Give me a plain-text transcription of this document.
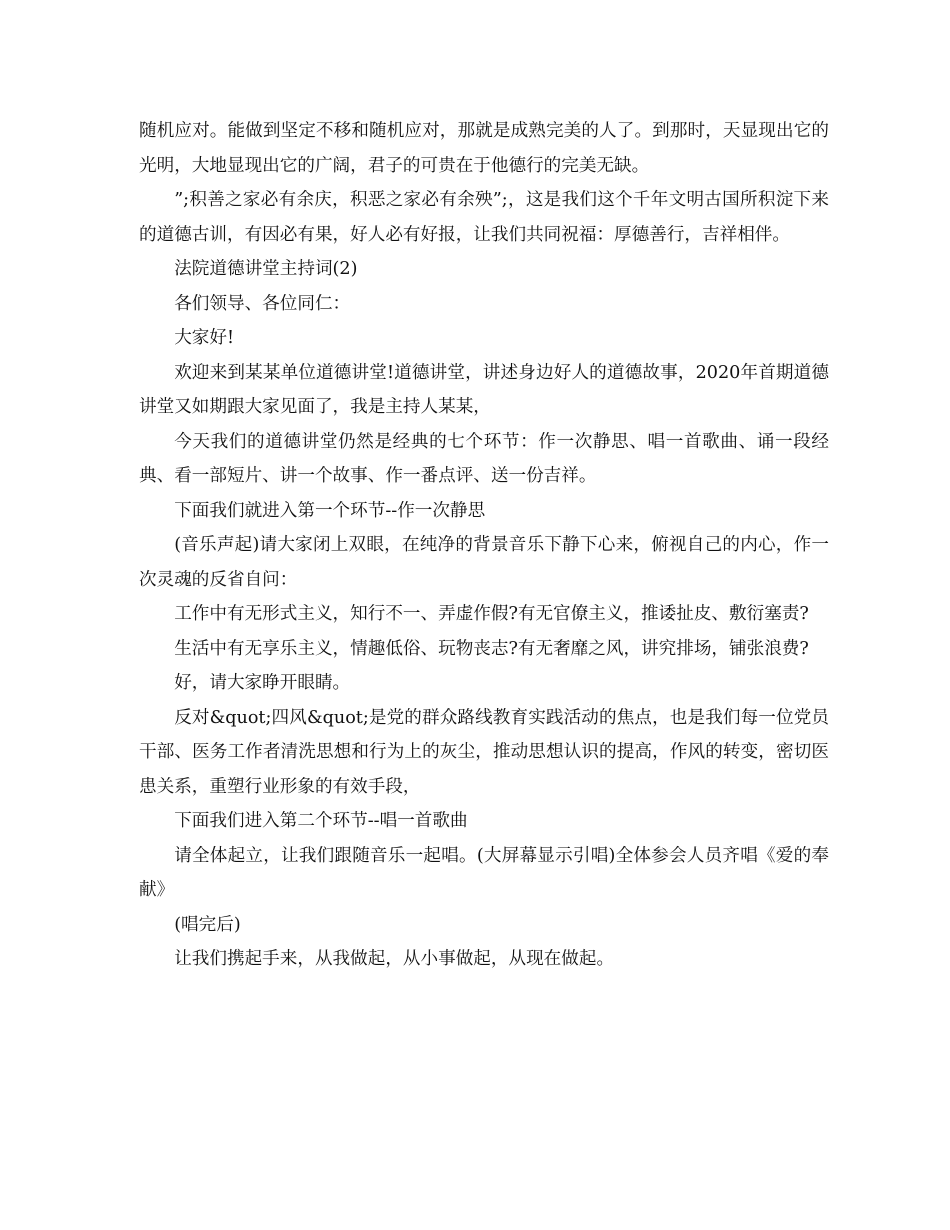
随机应对。能做到坚定不移和随机应对，那就是成熟完美的人了。到那时，天显现出它的光明，大地显现出它的广阔，君子的可贵在于他德行的完美无缺。

”;积善之家必有余庆，积恶之家必有余殃”;，这是我们这个千年文明古国所积淀下来的道德古训，有因必有果，好人必有好报，让我们共同祝福：厚德善行，吉祥相伴。

法院道德讲堂主持词(2)

各们领导、各位同仁：

大家好!

欢迎来到某某单位道德讲堂!道德讲堂，讲述身边好人的道德故事，2020年首期道德讲堂又如期跟大家见面了，我是主持人某某，

今天我们的道德讲堂仍然是经典的七个环节：作一次静思、唱一首歌曲、诵一段经典、看一部短片、讲一个故事、作一番点评、送一份吉祥。

下面我们就进入第一个环节--作一次静思

(音乐声起)请大家闭上双眼，在纯净的背景音乐下静下心来，俯视自己的内心，作一次灵魂的反省自问：

工作中有无形式主义，知行不一、弄虚作假?有无官僚主义，推诿扯皮、敷衍塞责?

生活中有无享乐主义，情趣低俗、玩物丧志?有无奢靡之风，讲究排场，铺张浪费?

好，请大家睁开眼睛。

反对&quot;四风&quot;是党的群众路线教育实践活动的焦点，也是我们每一位党员干部、医务工作者清洗思想和行为上的灰尘，推动思想认识的提高，作风的转变，密切医患关系，重塑行业形象的有效手段，

下面我们进入第二个环节--唱一首歌曲

请全体起立，让我们跟随音乐一起唱。(大屏幕显示引唱)全体参会人员齐唱《爱的奉献》

(唱完后)

让我们携起手来，从我做起，从小事做起，从现在做起。
